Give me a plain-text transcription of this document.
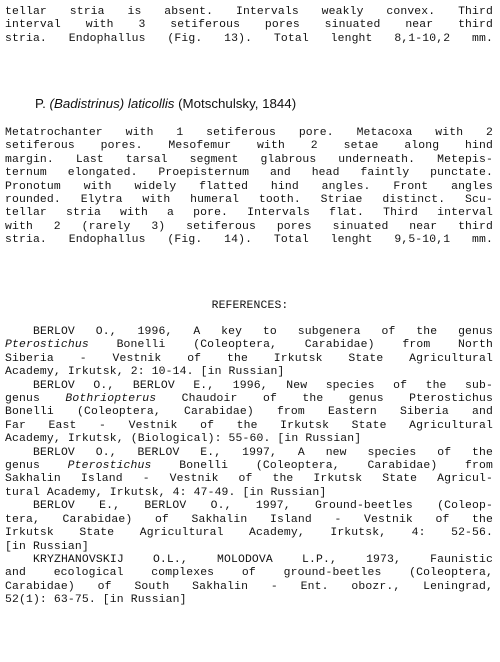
tellar stria is absent. Intervals weakly convex. Third
interval with 3 setiferous pores sinuated near third
stria. Endophallus (Fig. 13). Total lenght 8,1-10,2 mm.
P. (Badistrinus) laticollis (Motschulsky, 1844)
Metatrochanter with 1 setiferous pore. Metacoxa with 2
setiferous pores. Mesofemur with 2 setae along hind
margin. Last tarsal segment glabrous underneath. Metepis-
ternum elongated. Proepisternum and head faintly punctate.
Pronotum with widely flatted hind angles. Front angles
rounded. Elytra with humeral tooth. Striae distinct. Scu-
tellar stria with a pore. Intervals flat. Third interval
with 2 (rarely 3) setiferous pores sinuated near third
stria. Endophallus (Fig. 14). Total lenght 9,5-10,1 mm.
REFERENCES:
BERLOV O., 1996, A key to subgenera of the genus
Pterostichus Bonelli (Coleoptera, Carabidae) from North
Siberia - Vestnik of the Irkutsk State Agricultural
Academy, Irkutsk, 2: 10-14. [in Russian]
BERLOV O., BERLOV E., 1996, New species of the sub-
genus Bothriopterus Chaudoir of the genus Pterostichus
Bonelli (Coleoptera, Carabidae) from Eastern Siberia and
Far East - Vestnik of the Irkutsk State Agricultural
Academy, Irkutsk, (Biological): 55-60. [in Russian]
BERLOV O., BERLOV E., 1997, A new species of the
genus Pterostichus Bonelli (Coleoptera, Carabidae) from
Sakhalin Island - Vestnik of the Irkutsk State Agricul-
tural Academy, Irkutsk, 4: 47-49. [in Russian]
BERLOV E., BERLOV O., 1997, Ground-beetles (Coleop-
tera, Carabidae) of Sakhalin Island - Vestnik of the
Irkutsk State Agricultural Academy, Irkutsk, 4: 52-56.
[in Russian]
KRYZHANOVSKIJ O.L., MOLODOVA L.P., 1973, Faunistic
and ecological complexes of ground-beetles (Coleoptera,
Carabidae) of South Sakhalin - Ent. obozr., Leningrad,
52(1): 63-75. [in Russian]
